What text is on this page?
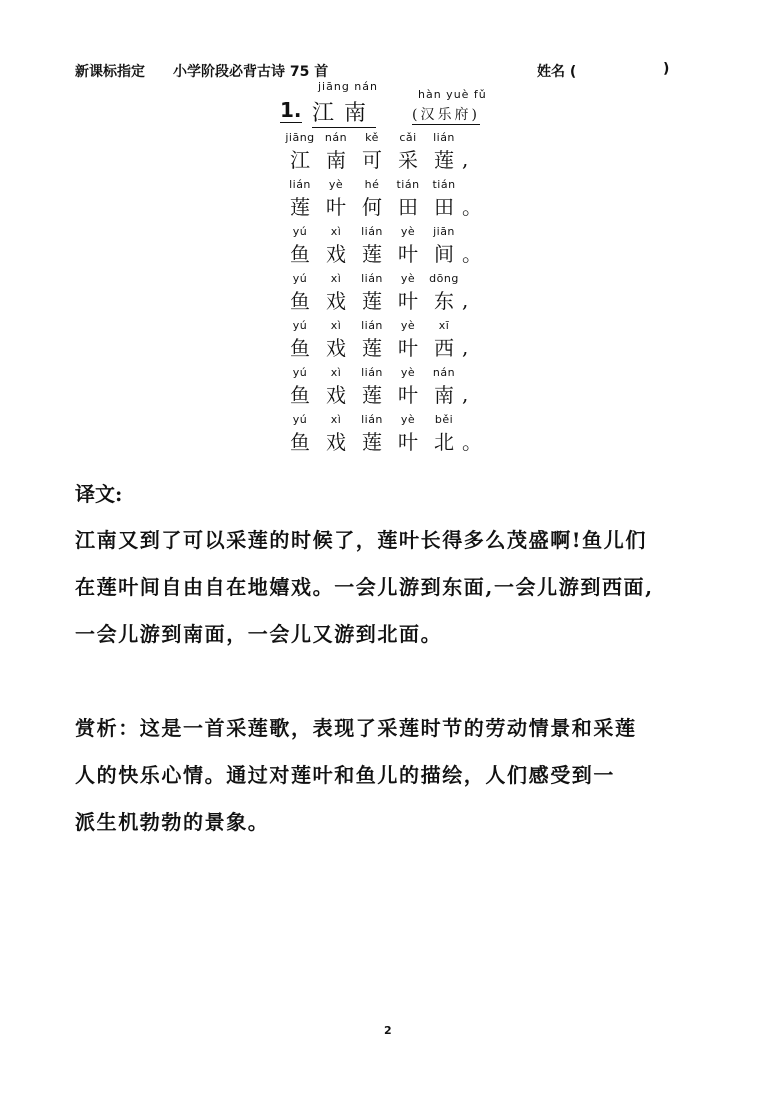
新课标指定 小学阶段必背古诗 75 首	姓名 (	)
jiāng nán
hàn yuè fǔ
1. 江南	(汉乐府)
jiāng nán	kě	cǎi	lián
江 南 可 采 莲 ,
lián	yè	hé	tián	tián
莲 叶 何 田 田 。
yú	xì	lián	yè	jiān
鱼 戏 莲 叶 间 。
yú	xì	lián	yè	dōng
鱼 戏 莲 叶 东 ,
yú	xì	lián	yè	xī
鱼 戏 莲 叶 西 ,
yú	xì	lián	yè	nán
鱼 戏 莲 叶 南 ,
yú	xì	lián	yè	běi
鱼 戏 莲 叶 北 。
译文:
江南又到了可以采莲的时候了，莲叶长得多么茂盛啊!鱼儿们
在莲叶间自由自在地嬉戏。一会儿游到东面,一会儿游到西面,
一会儿游到南面，一会儿又游到北面。
赏析：这是一首采莲歌，表现了采莲时节的劳动情景和采莲
人的快乐心情。通过对莲叶和鱼儿的描绘，人们感受到一
派生机勃勃的景象。
2
